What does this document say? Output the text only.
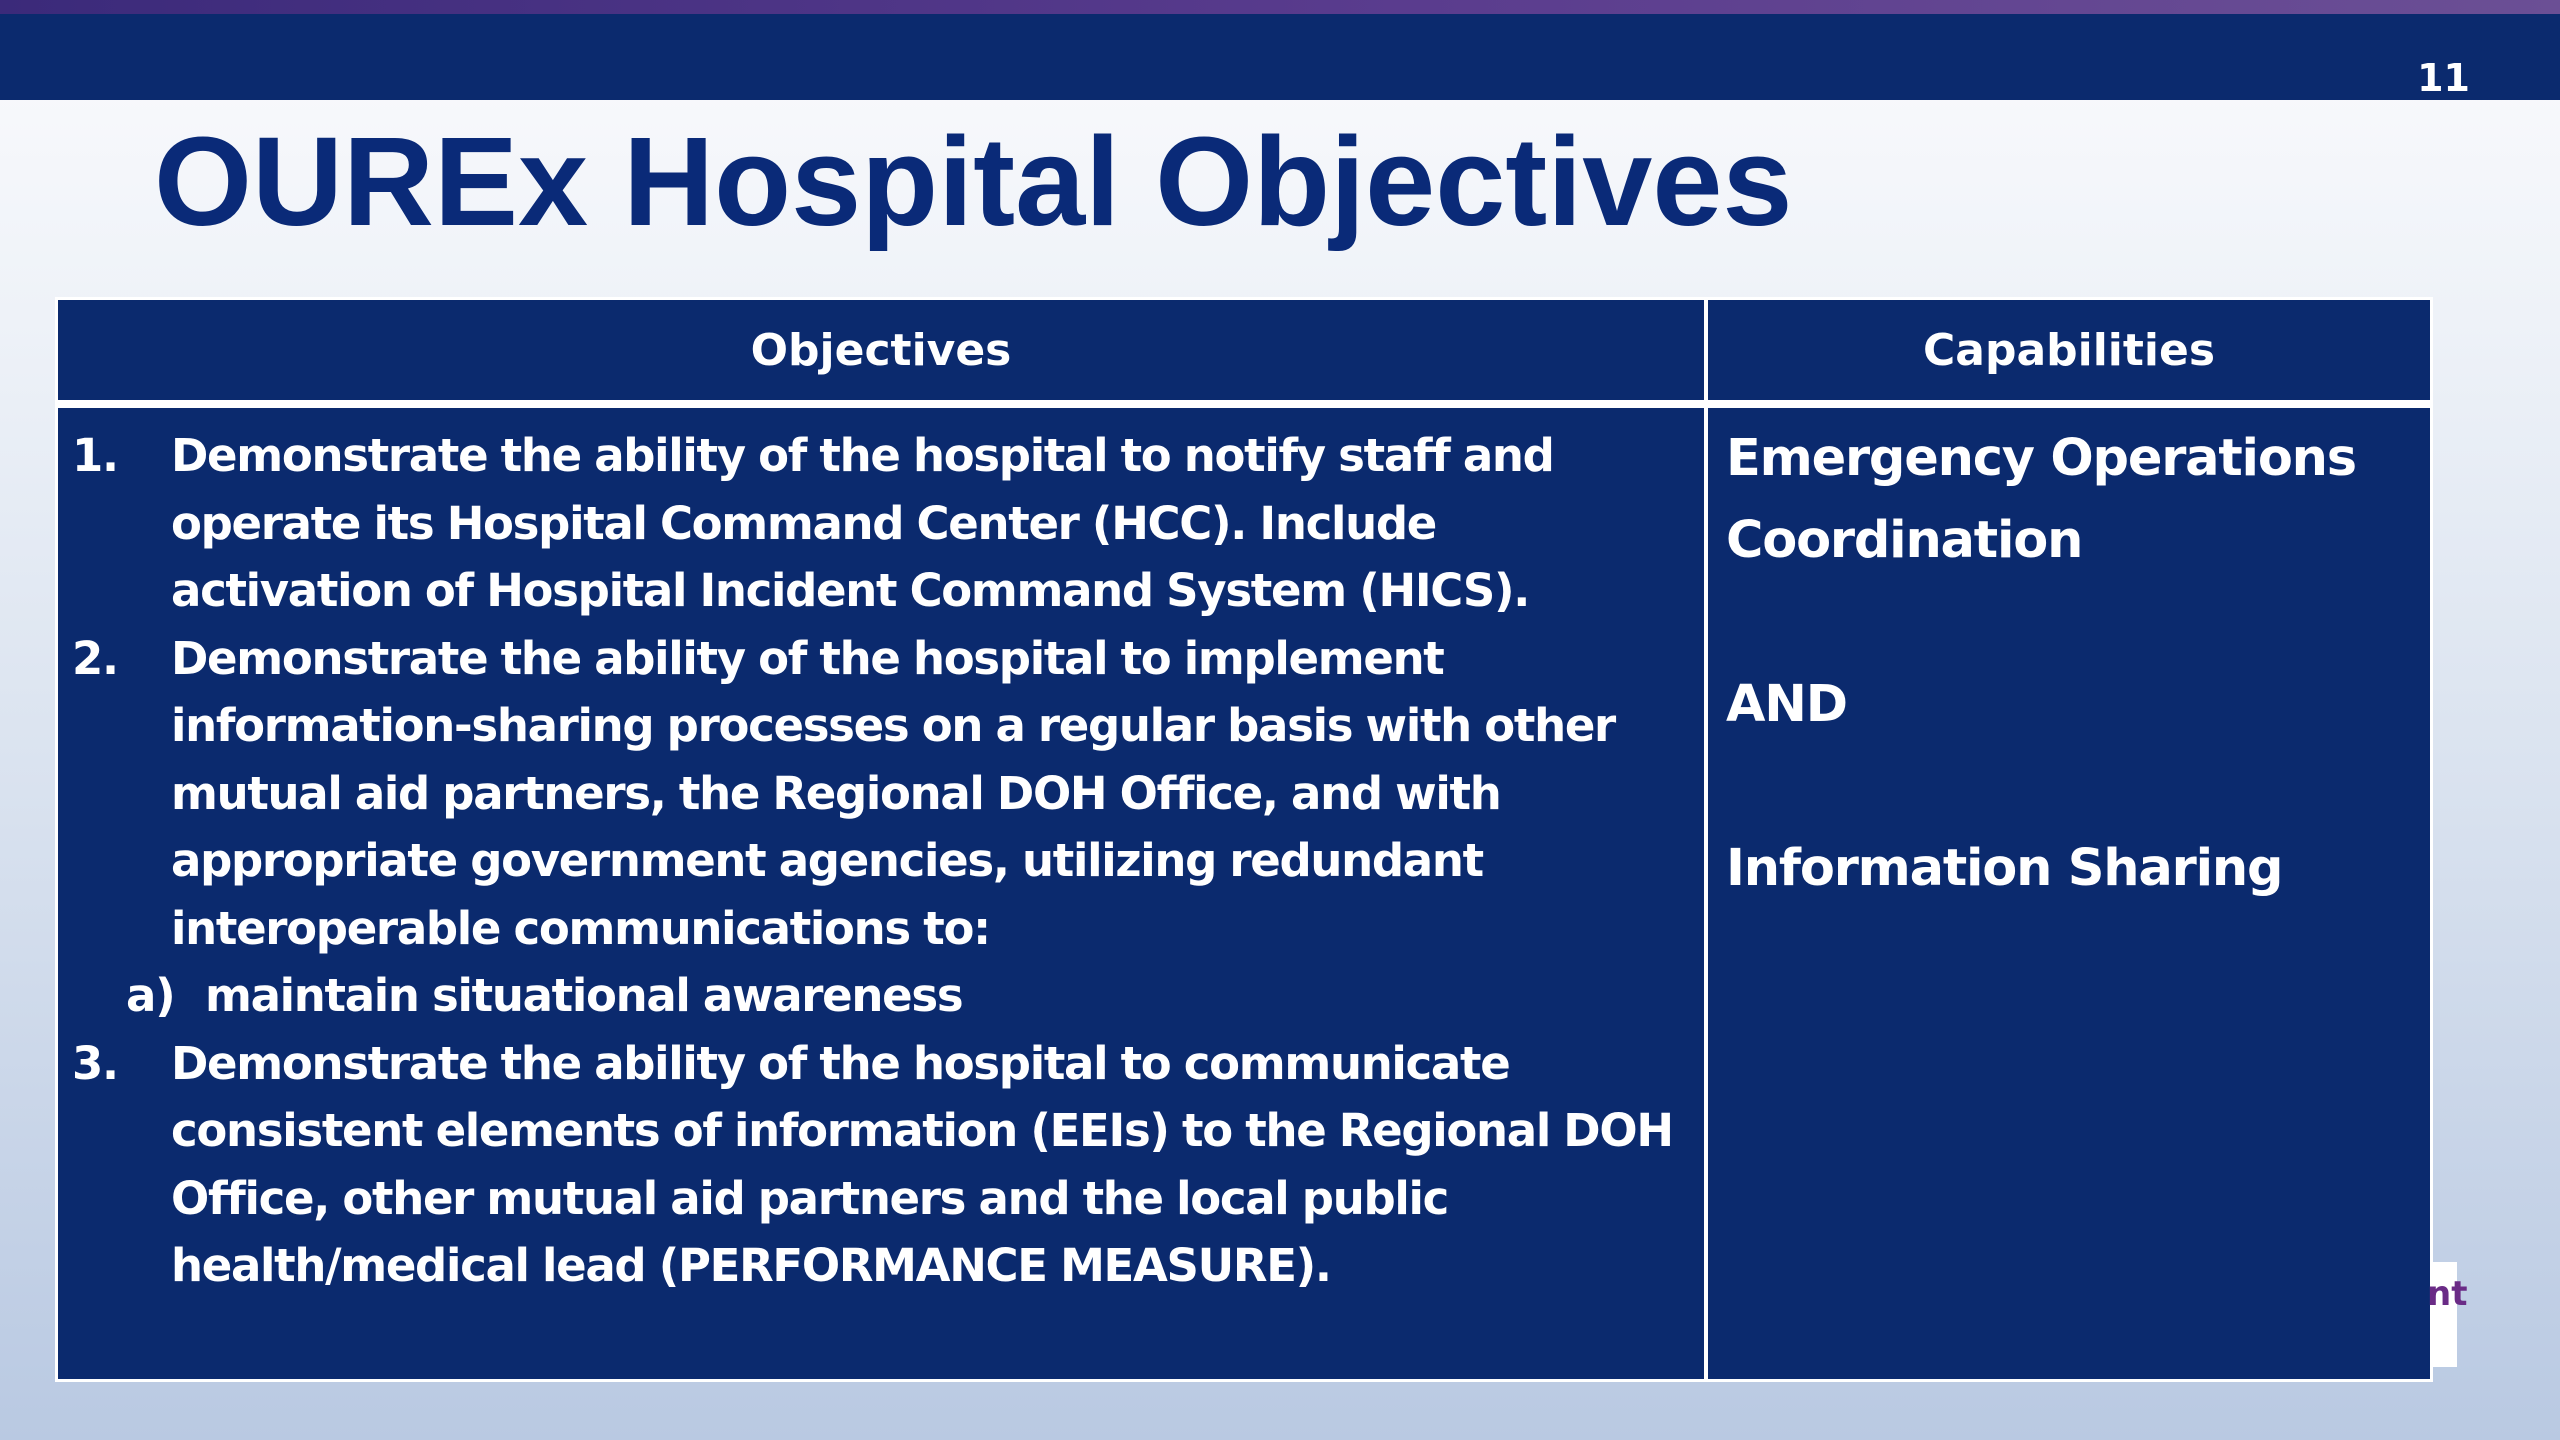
11
OUREx Hospital Objectives
Objectives	Capabilities
1. Demonstrate the ability of the hospital to notify staff and operate its Hospital Command Center (HCC). Include activation of Hospital Incident Command System (HICS).
2. Demonstrate the ability of the hospital to implement information-sharing processes on a regular basis with other mutual aid partners, the Regional DOH Office, and with appropriate government agencies, utilizing redundant interoperable communications to:
a) maintain situational awareness
3. Demonstrate the ability of the hospital to communicate consistent elements of information (EEIs) to the Regional DOH Office, other mutual aid partners and the local public health/medical lead (PERFORMANCE MEASURE).
Emergency Operations Coordination
AND
Information Sharing
nt
